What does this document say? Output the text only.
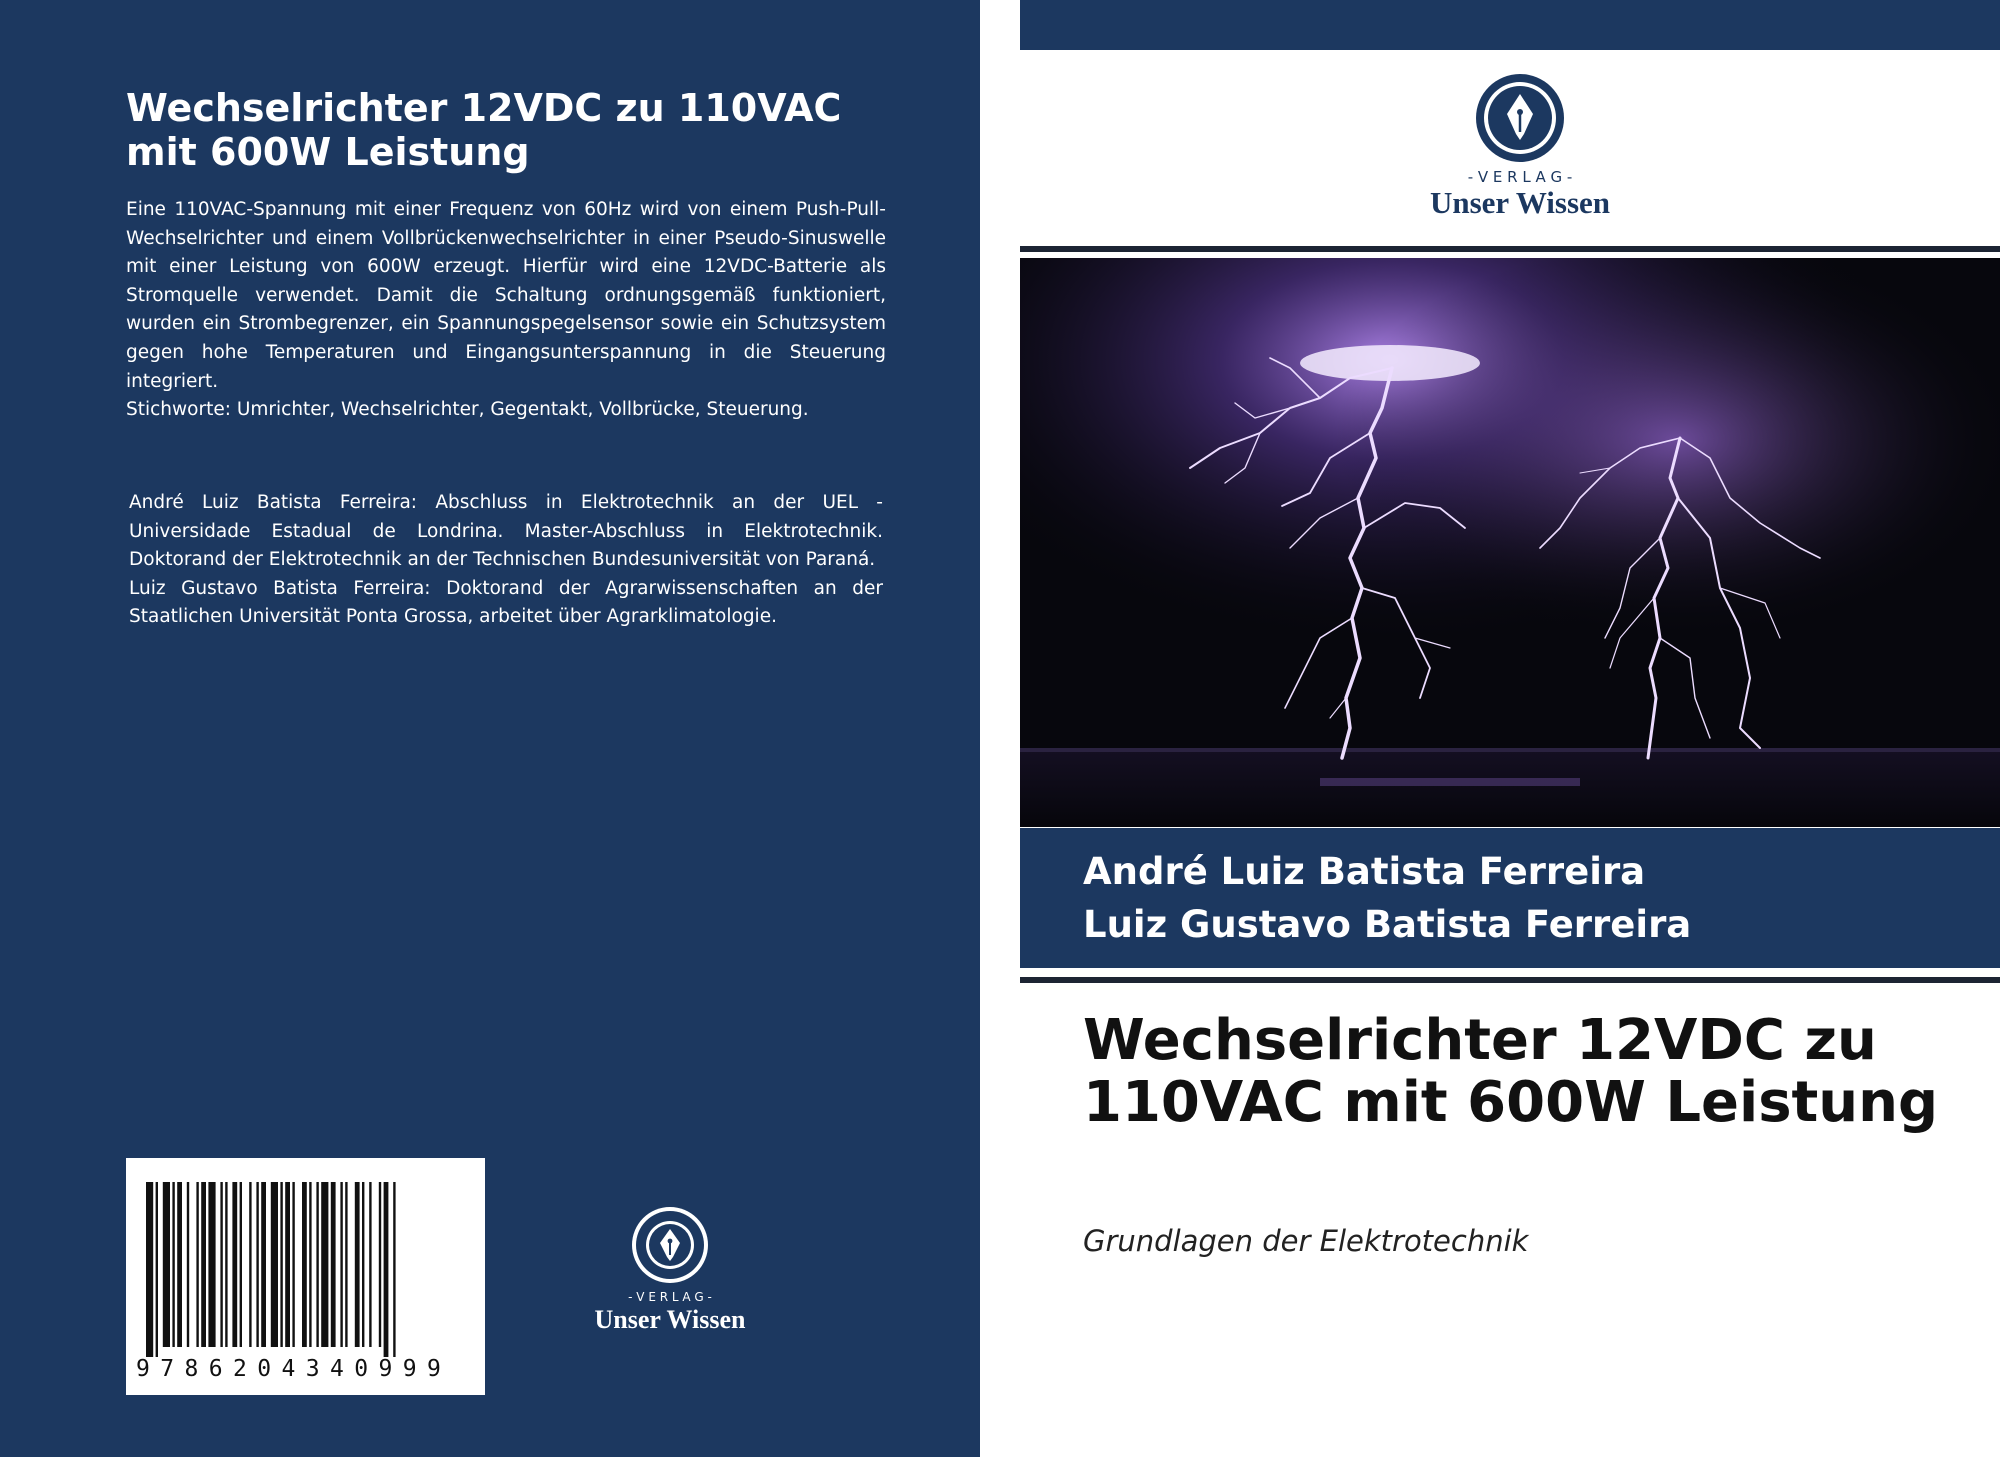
Wechselrichter 12VDC zu 110VAC mit 600W Leistung

Eine 110VAC-Spannung mit einer Frequenz von 60Hz wird von einem Push-Pull-Wechselrichter und einem Vollbrückenwechselrichter in einer Pseudo-Sinuswelle mit einer Leistung von 600W erzeugt. Hierfür wird eine 12VDC-Batterie als Stromquelle verwendet. Damit die Schaltung ordnungsgemäß funktioniert, wurden ein Strombegrenzer, ein Spannungspegelsensor sowie ein Schutzsystem gegen hohe Temperaturen und Eingangsunterspannung in die Steuerung integriert.

Stichworte: Umrichter, Wechselrichter, Gegentakt, Vollbrücke, Steuerung.

André Luiz Batista Ferreira: Abschluss in Elektrotechnik an der UEL - Universidade Estadual de Londrina. Master-Abschluss in Elektrotechnik. Doktorand der Elektrotechnik an der Technischen Bundesuniversität von Paraná.

Luiz Gustavo Batista Ferreira: Doktorand der Agrarwissenschaften an der Staatlichen Universität Ponta Grossa, arbeitet über Agrarklimatologie.

9786204340999
- V E R L A G -
Unser Wissen
- V E R L A G -
Unser Wissen
André Luiz Batista Ferreira
Luiz Gustavo Batista Ferreira
Wechselrichter 12VDC zu 110VAC mit 600W Leistung
Grundlagen der Elektrotechnik
